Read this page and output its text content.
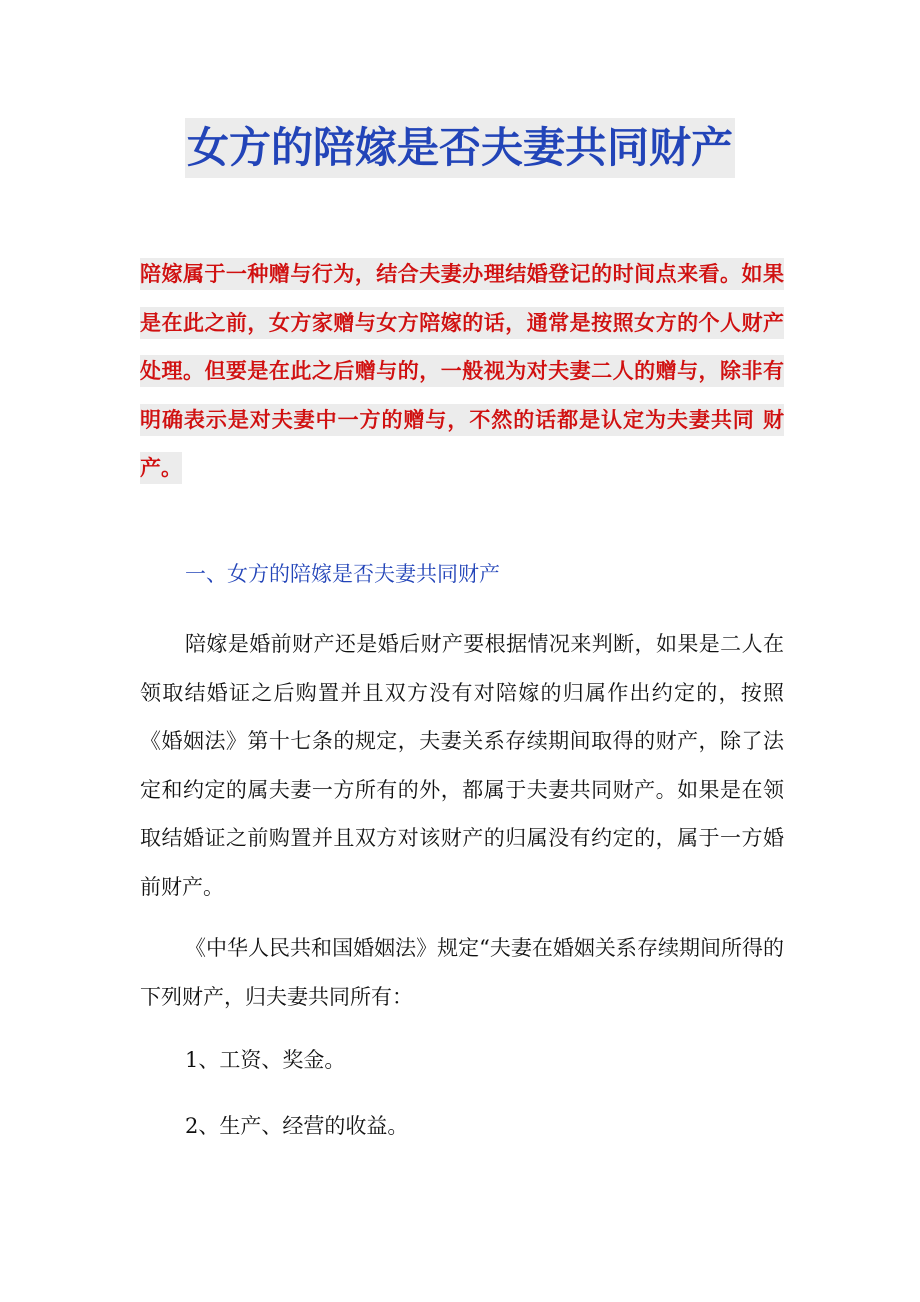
女方的陪嫁是否夫妻共同财产
陪嫁属于一种赠与行为，结合夫妻办理结婚登记的时间点来看。如果是在此之前，女方家赠与女方陪嫁的话，通常是按照女方的个人财产处理。但要是在此之后赠与的，一般视为对夫妻二人的赠与，除非有明确表示是对夫妻中一方的赠与，不然的话都是认定为夫妻共同 财产。
一、女方的陪嫁是否夫妻共同财产
陪嫁是婚前财产还是婚后财产要根据情况来判断，如果是二人在领取结婚证之后购置并且双方没有对陪嫁的归属作出约定的，按照《婚姻法》第十七条的规定，夫妻关系存续期间取得的财产，除了法定和约定的属夫妻一方所有的外，都属于夫妻共同财产。如果是在领取结婚证之前购置并且双方对该财产的归属没有约定的，属于一方婚前财产。
《中华人民共和国婚姻法》规定“夫妻在婚姻关系存续期间所得的下列财产，归夫妻共同所有：
1、工资、奖金。
2、生产、经营的收益。
